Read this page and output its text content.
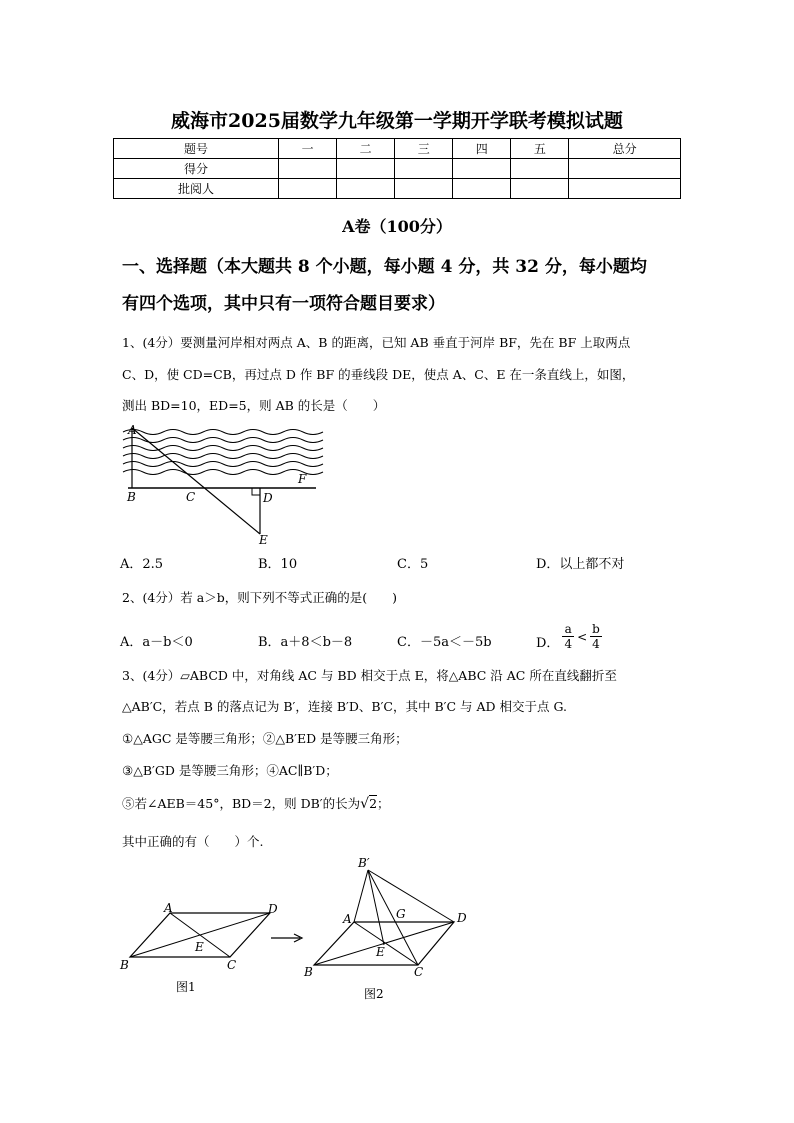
威海市2025届数学九年级第一学期开学联考模拟试题
题号	一	二	三	四	五	总分
得分						
批阅人						
A卷（100分）
一、选择题（本大题共 8 个小题，每小题 4 分，共 32 分，每小题均
有四个选项，其中只有一项符合题目要求）
1、(4分）要测量河岸相对两点 A、B 的距离，已知 AB 垂直于河岸 BF，先在 BF 上取两点
C、D，使 CD=CB，再过点 D 作 BF 的垂线段 DE，使点 A、C、E 在一条直线上，如图，
测出 BD=10，ED=5，则 AB 的长是（　　）
A
B	C	D
E
F
A．2.5	B．10	C．5	D．以上都不对
2、(4分）若 a＞b，则下列不等式正确的是(　　)
A．a－b＜0	B．a＋8＜b－8	C．－5a＜－5b	D． $\frac{a}{4} < \frac{b}{4}$
3、(4分）▱ABCD 中，对角线 AC 与 BD 相交于点 E，将△ABC 沿 AC 所在直线翻折至
△AB′C，若点 B 的落点记为 B′，连接 B′D、B′C，其中 B′C 与 AD 相交于点 G.
①△AGC 是等腰三角形；②△B′ED 是等腰三角形；
③△B′GD 是等腰三角形；④AC∥B′D；
⑤若∠AEB＝45°，BD＝2，则 DB′的长为√2；
其中正确的有（　　）个.
A
B	C
D
E
图1
B′
A	G	D
E
B	C
图2
